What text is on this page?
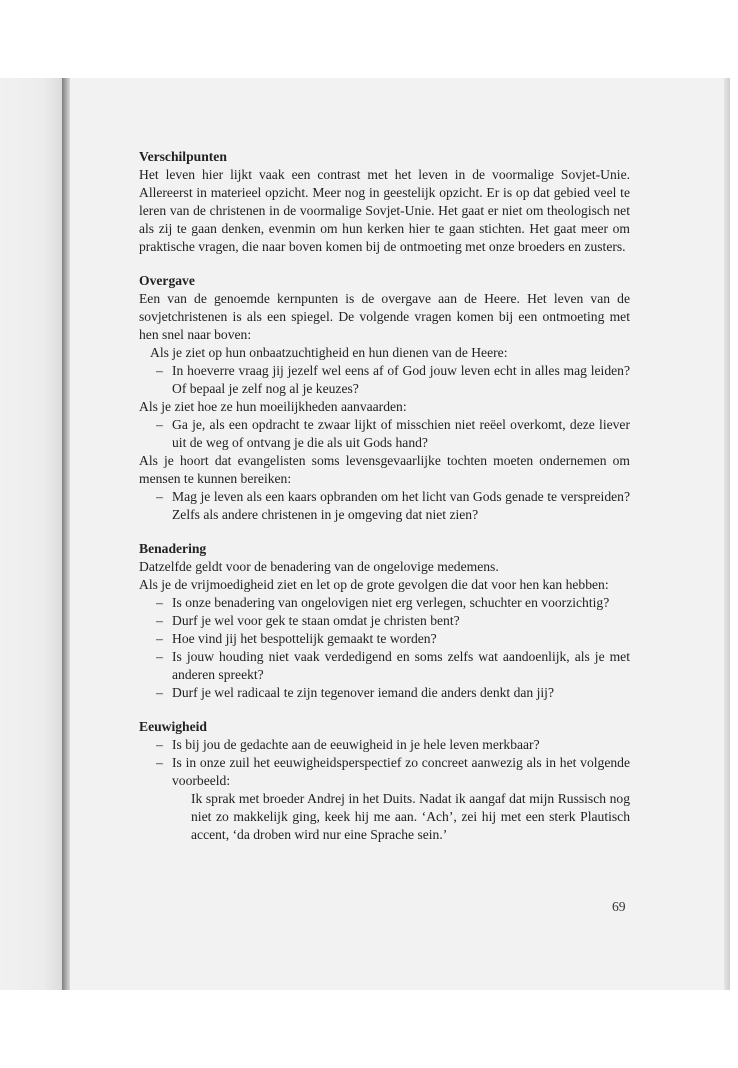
Verschilpunten

Het leven hier lijkt vaak een contrast met het leven in de voormalige Sovjet-Unie. Allereerst in materieel opzicht. Meer nog in geestelijk opzicht. Er is op dat gebied veel te leren van de christenen in de voormalige Sovjet-Unie. Het gaat er niet om theologisch net als zij te gaan denken, evenmin om hun kerken hier te gaan stichten. Het gaat meer om praktische vragen, die naar boven komen bij de ontmoeting met onze broeders en zusters.

Overgave

Een van de genoemde kernpunten is de overgave aan de Heere. Het leven van de sovjetchristenen is als een spiegel. De volgende vragen komen bij een ontmoeting met hen snel naar boven:

Als je ziet op hun onbaatzuchtigheid en hun dienen van de Heere:

– In hoeverre vraag jij jezelf wel eens af of God jouw leven echt in alles mag leiden? Of bepaal je zelf nog al je keuzes?

Als je ziet hoe ze hun moeilijkheden aanvaarden:

– Ga je, als een opdracht te zwaar lijkt of misschien niet reëel overkomt, deze liever uit de weg of ontvang je die als uit Gods hand?

Als je hoort dat evangelisten soms levensgevaarlijke tochten moeten ondernemen om mensen te kunnen bereiken:

– Mag je leven als een kaars opbranden om het licht van Gods genade te verspreiden? Zelfs als andere christenen in je omgeving dat niet zien?

Benadering

Datzelfde geldt voor de benadering van de ongelovige medemens.

Als je de vrijmoedigheid ziet en let op de grote gevolgen die dat voor hen kan hebben:

– Is onze benadering van ongelovigen niet erg verlegen, schuchter en voorzichtig?
– Durf je wel voor gek te staan omdat je christen bent?
– Hoe vind jij het bespottelijk gemaakt te worden?
– Is jouw houding niet vaak verdedigend en soms zelfs wat aandoenlijk, als je met anderen spreekt?
– Durf je wel radicaal te zijn tegenover iemand die anders denkt dan jij?

Eeuwigheid

– Is bij jou de gedachte aan de eeuwigheid in je hele leven merkbaar?
– Is in onze zuil het eeuwigheidsperspectief zo concreet aanwezig als in het volgende voorbeeld:

Ik sprak met broeder Andrej in het Duits. Nadat ik aangaf dat mijn Russisch nog niet zo makkelijk ging, keek hij me aan. ‘Ach’, zei hij met een sterk Plautisch accent, ‘da droben wird nur eine Sprache sein.’

69
